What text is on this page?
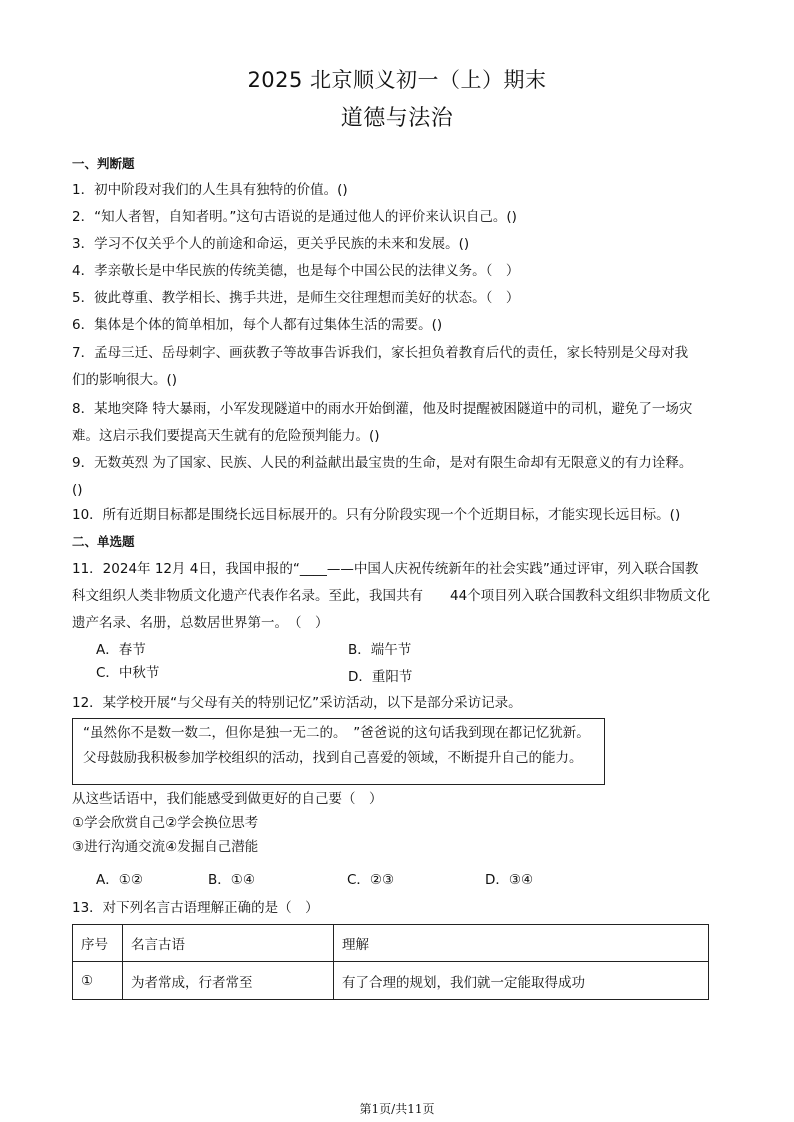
2025 北京顺义初一（上）期末
道德与法治
一、判断题
1．初中阶段对我们的人生具有独特的价值。()
2．“知人者智，自知者明。”这句古语说的是通过他人的评价来认识自己。()
3．学习不仅关乎个人的前途和命运，更关乎民族的未来和发展。()
4．孝亲敬长是中华民族的传统美德，也是每个中国公民的法律义务。（　）
5．彼此尊重、教学相长、携手共进，是师生交往理想而美好的状态。（　）
6．集体是个体的简单相加，每个人都有过集体生活的需要。()
7．孟母三迁、岳母刺字、画荻教子等故事告诉我们，家长担负着教育后代的责任，家长特别是父母对我
们的影响很大。()
8．某地突降 特大暴雨，小军发现隧道中的雨水开始倒灌，他及时提醒被困隧道中的司机，避免了一场灾
难。这启示我们要提高天生就有的危险预判能力。()
9．无数英烈 为了国家、民族、人民的利益献出最宝贵的生命，是对有限生命却有无限意义的有力诠释。
()
10．所有近期目标都是围绕长远目标展开的。只有分阶段实现一个个近期目标，才能实现长远目标。()
二、单选题
11．2024年 12月 4日，我国申报的“____——中国人庆祝传统新年的社会实践”通过评审，列入联合国教
科文组织人类非物质文化遗产代表作名录。至此，我国共有　　44个项目列入联合国教科文组织非物质文化
遗产名录、名册，总数居世界第一。　（　）
A．春节	B．端午节
C．中秋节	D．重阳节
12．某学校开展“与父母有关的特别记忆”采访活动，以下是部分采访记录。
“虽然你不是数一数二，但你是独一无二的。　”爸爸说的这句话我到现在都记忆犹新。
父母鼓励我积极参加学校组织的活动，找到自己喜爱的领域，不断提升自己的能力。
从这些话语中，我们能感受到做更好的自己要（　）
①学会欣赏自己②学会换位思考
③进行沟通交流④发掘自己潜能
A．①②	B．①④	C．②③	D．③④
13．对下列名言古语理解正确的是（　）
序号	名言古语	理解
①	为者常成，行者常至	有了合理的规划，我们就一定能取得成功
第1页/共11页
